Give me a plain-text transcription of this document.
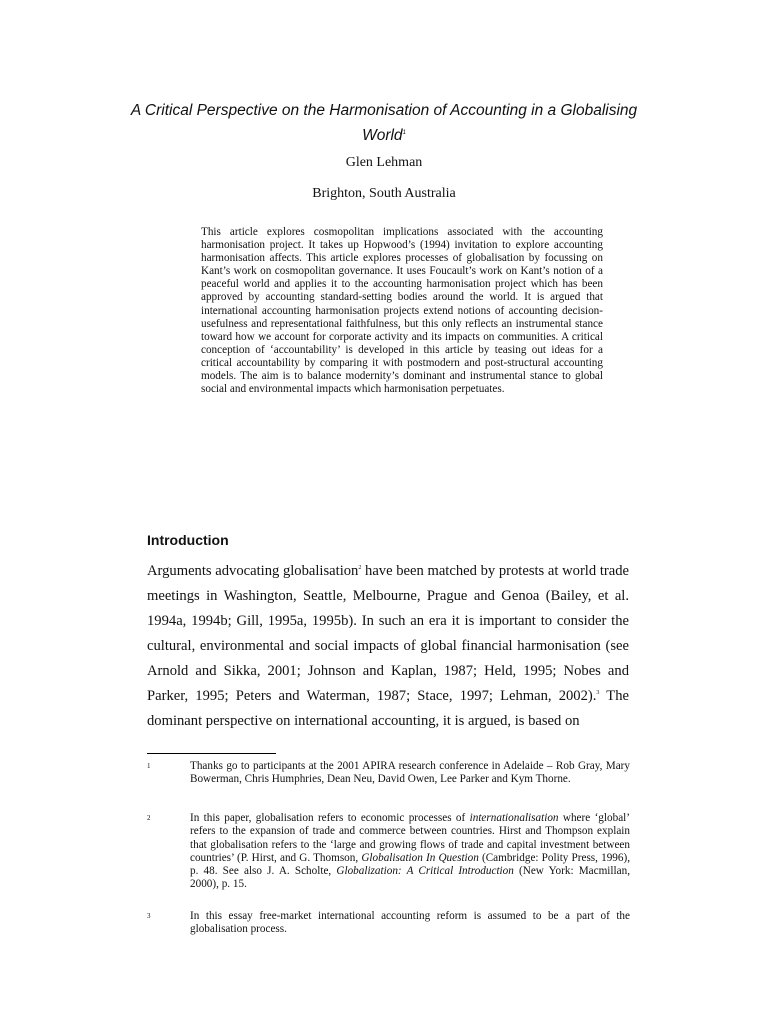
A Critical Perspective on the Harmonisation of Accounting in a Globalising World$^1$
Glen Lehman
Brighton, South Australia
This article explores cosmopolitan implications associated with the accounting harmonisation project. It takes up Hopwood’s (1994) invitation to explore accounting harmonisation affects. This article explores processes of globalisation by focussing on Kant’s work on cosmopolitan governance. It uses Foucault’s work on Kant’s notion of a peaceful world and applies it to the accounting harmonisation project which has been approved by accounting standard-setting bodies around the world. It is argued that international accounting harmonisation projects extend notions of accounting decision-usefulness and representational faithfulness, but this only reflects an instrumental stance toward how we account for corporate activity and its impacts on communities. A critical conception of ‘accountability’ is developed in this article by teasing out ideas for a critical accountability by comparing it with postmodern and post-structural accounting models. The aim is to balance modernity’s dominant and instrumental stance to global social and environmental impacts which harmonisation perpetuates.
Introduction
Arguments advocating globalisation$^2$ have been matched by protests at world trade meetings in Washington, Seattle, Melbourne, Prague and Genoa (Bailey, et al. 1994a, 1994b; Gill, 1995a, 1995b). In such an era it is important to consider the cultural, environmental and social impacts of global financial harmonisation (see Arnold and Sikka, 2001; Johnson and Kaplan, 1987; Held, 1995; Nobes and Parker, 1995; Peters and Waterman, 1987; Stace, 1997; Lehman, 2002).$^3$ The dominant perspective on international accounting, it is argued, is based on
1	Thanks go to participants at the 2001 APIRA research conference in Adelaide – Rob Gray, Mary Bowerman, Chris Humphries, Dean Neu, David Owen, Lee Parker and Kym Thorne.
2	In this paper, globalisation refers to economic processes of internationalisation where ‘global’ refers to the expansion of trade and commerce between countries. Hirst and Thompson explain that globalisation refers to the ‘large and growing flows of trade and capital investment between countries’ (P. Hirst, and G. Thomson, Globalisation In Question (Cambridge: Polity Press, 1996), p. 48. See also J. A. Scholte, Globalization: A Critical Introduction (New York: Macmillan, 2000), p. 15.
3	In this essay free-market international accounting reform is assumed to be a part of the globalisation process.
